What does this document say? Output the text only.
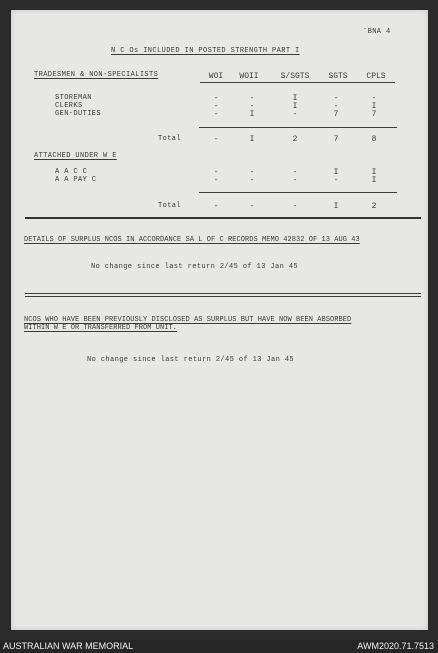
¨BNA 4
N C Os INCLUDED IN POSTED STRENGTH PART I
TRADESMEN & NON-SPECIALISTS	WOI	WOII	S/SGTS	SGTS	CPLS
STOREMAN	-	-	I	-	-
CLERKS	-	-	I	-	I
GEN-DUTIES	-	I	-	7	7
Total	-	I	2	7	8
ATTACHED UNDER W E
A A C C	-	-	-	I	I
A A PAY C	-	-	-	-	I
Total	-	-	-	I	2
DETAILS OF SURPLUS NCOS IN ACCORDANCE SA L OF C RECORDS MEMO 42832 OF 13 AUG 43
No change since last return 2/45 of 13 Jan 45
NCOS WHO HAVE BEEN PREVIOUSLY DISCLOSED AS SURPLUS BUT HAVE NOW BEEN ABSORBED
WITHIN W E OR TRANSFERRED FROM UNIT.
No change since last return 2/45 of 13 Jan 45
AUSTRALIAN WAR MEMORIAL	AWM2020.71.7513
